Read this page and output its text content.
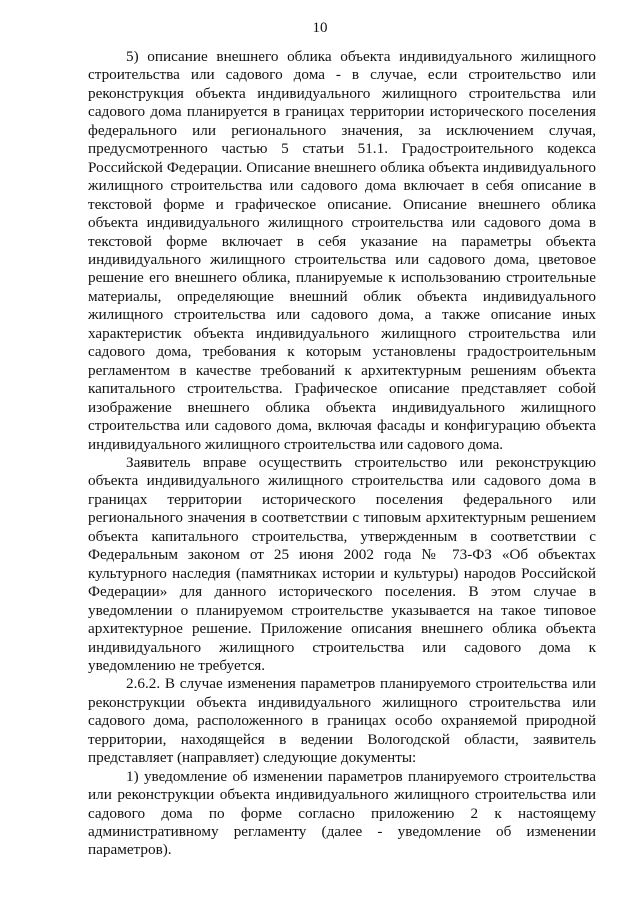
10

5) описание внешнего облика объекта индивидуального жилищного строительства или садового дома - в случае, если строительство или реконструкция объекта индивидуального жилищного строительства или садового дома планируется в границах территории исторического поселения федерального или регионального значения, за исключением случая, предусмотренного частью 5 статьи 51.1. Градостроительного кодекса Российской Федерации. Описание внешнего облика объекта индивидуального жилищного строительства или садового дома включает в себя описание в текстовой форме и графическое описание. Описание внешнего облика объекта индивидуального жилищного строительства или садового дома в текстовой форме включает в себя указание на параметры объекта индивидуального жилищного строительства или садового дома, цветовое решение его внешнего облика, планируемые к использованию строительные материалы, определяющие внешний облик объекта индивидуального жилищного строительства или садового дома, а также описание иных характеристик объекта индивидуального жилищного строительства или садового дома, требования к которым установлены градостроительным регламентом в качестве требований к архитектурным решениям объекта капитального строительства. Графическое описание представляет собой изображение внешнего облика объекта индивидуального жилищного строительства или садового дома, включая фасады и конфигурацию объекта индивидуального жилищного строительства или садового дома.

Заявитель вправе осуществить строительство или реконструкцию объекта индивидуального жилищного строительства или садового дома в границах территории исторического поселения федерального или регионального значения в соответствии с типовым архитектурным решением объекта капитального строительства, утвержденным в соответствии с Федеральным законом от 25 июня 2002 года № 73-ФЗ «Об объектах культурного наследия (памятниках истории и культуры) народов Российской Федерации» для данного исторического поселения. В этом случае в уведомлении о планируемом строительстве указывается на такое типовое архитектурное решение. Приложение описания внешнего облика объекта индивидуального жилищного строительства или садового дома к уведомлению не требуется.

2.6.2. В случае изменения параметров планируемого строительства или реконструкции объекта индивидуального жилищного строительства или садового дома, расположенного в границах особо охраняемой природной территории, находящейся в ведении Вологодской области, заявитель представляет (направляет) следующие документы:

1) уведомление об изменении параметров планируемого строительства или реконструкции объекта индивидуального жилищного строительства или садового дома по форме согласно приложению 2 к настоящему административному регламенту (далее - уведомление об изменении параметров).
